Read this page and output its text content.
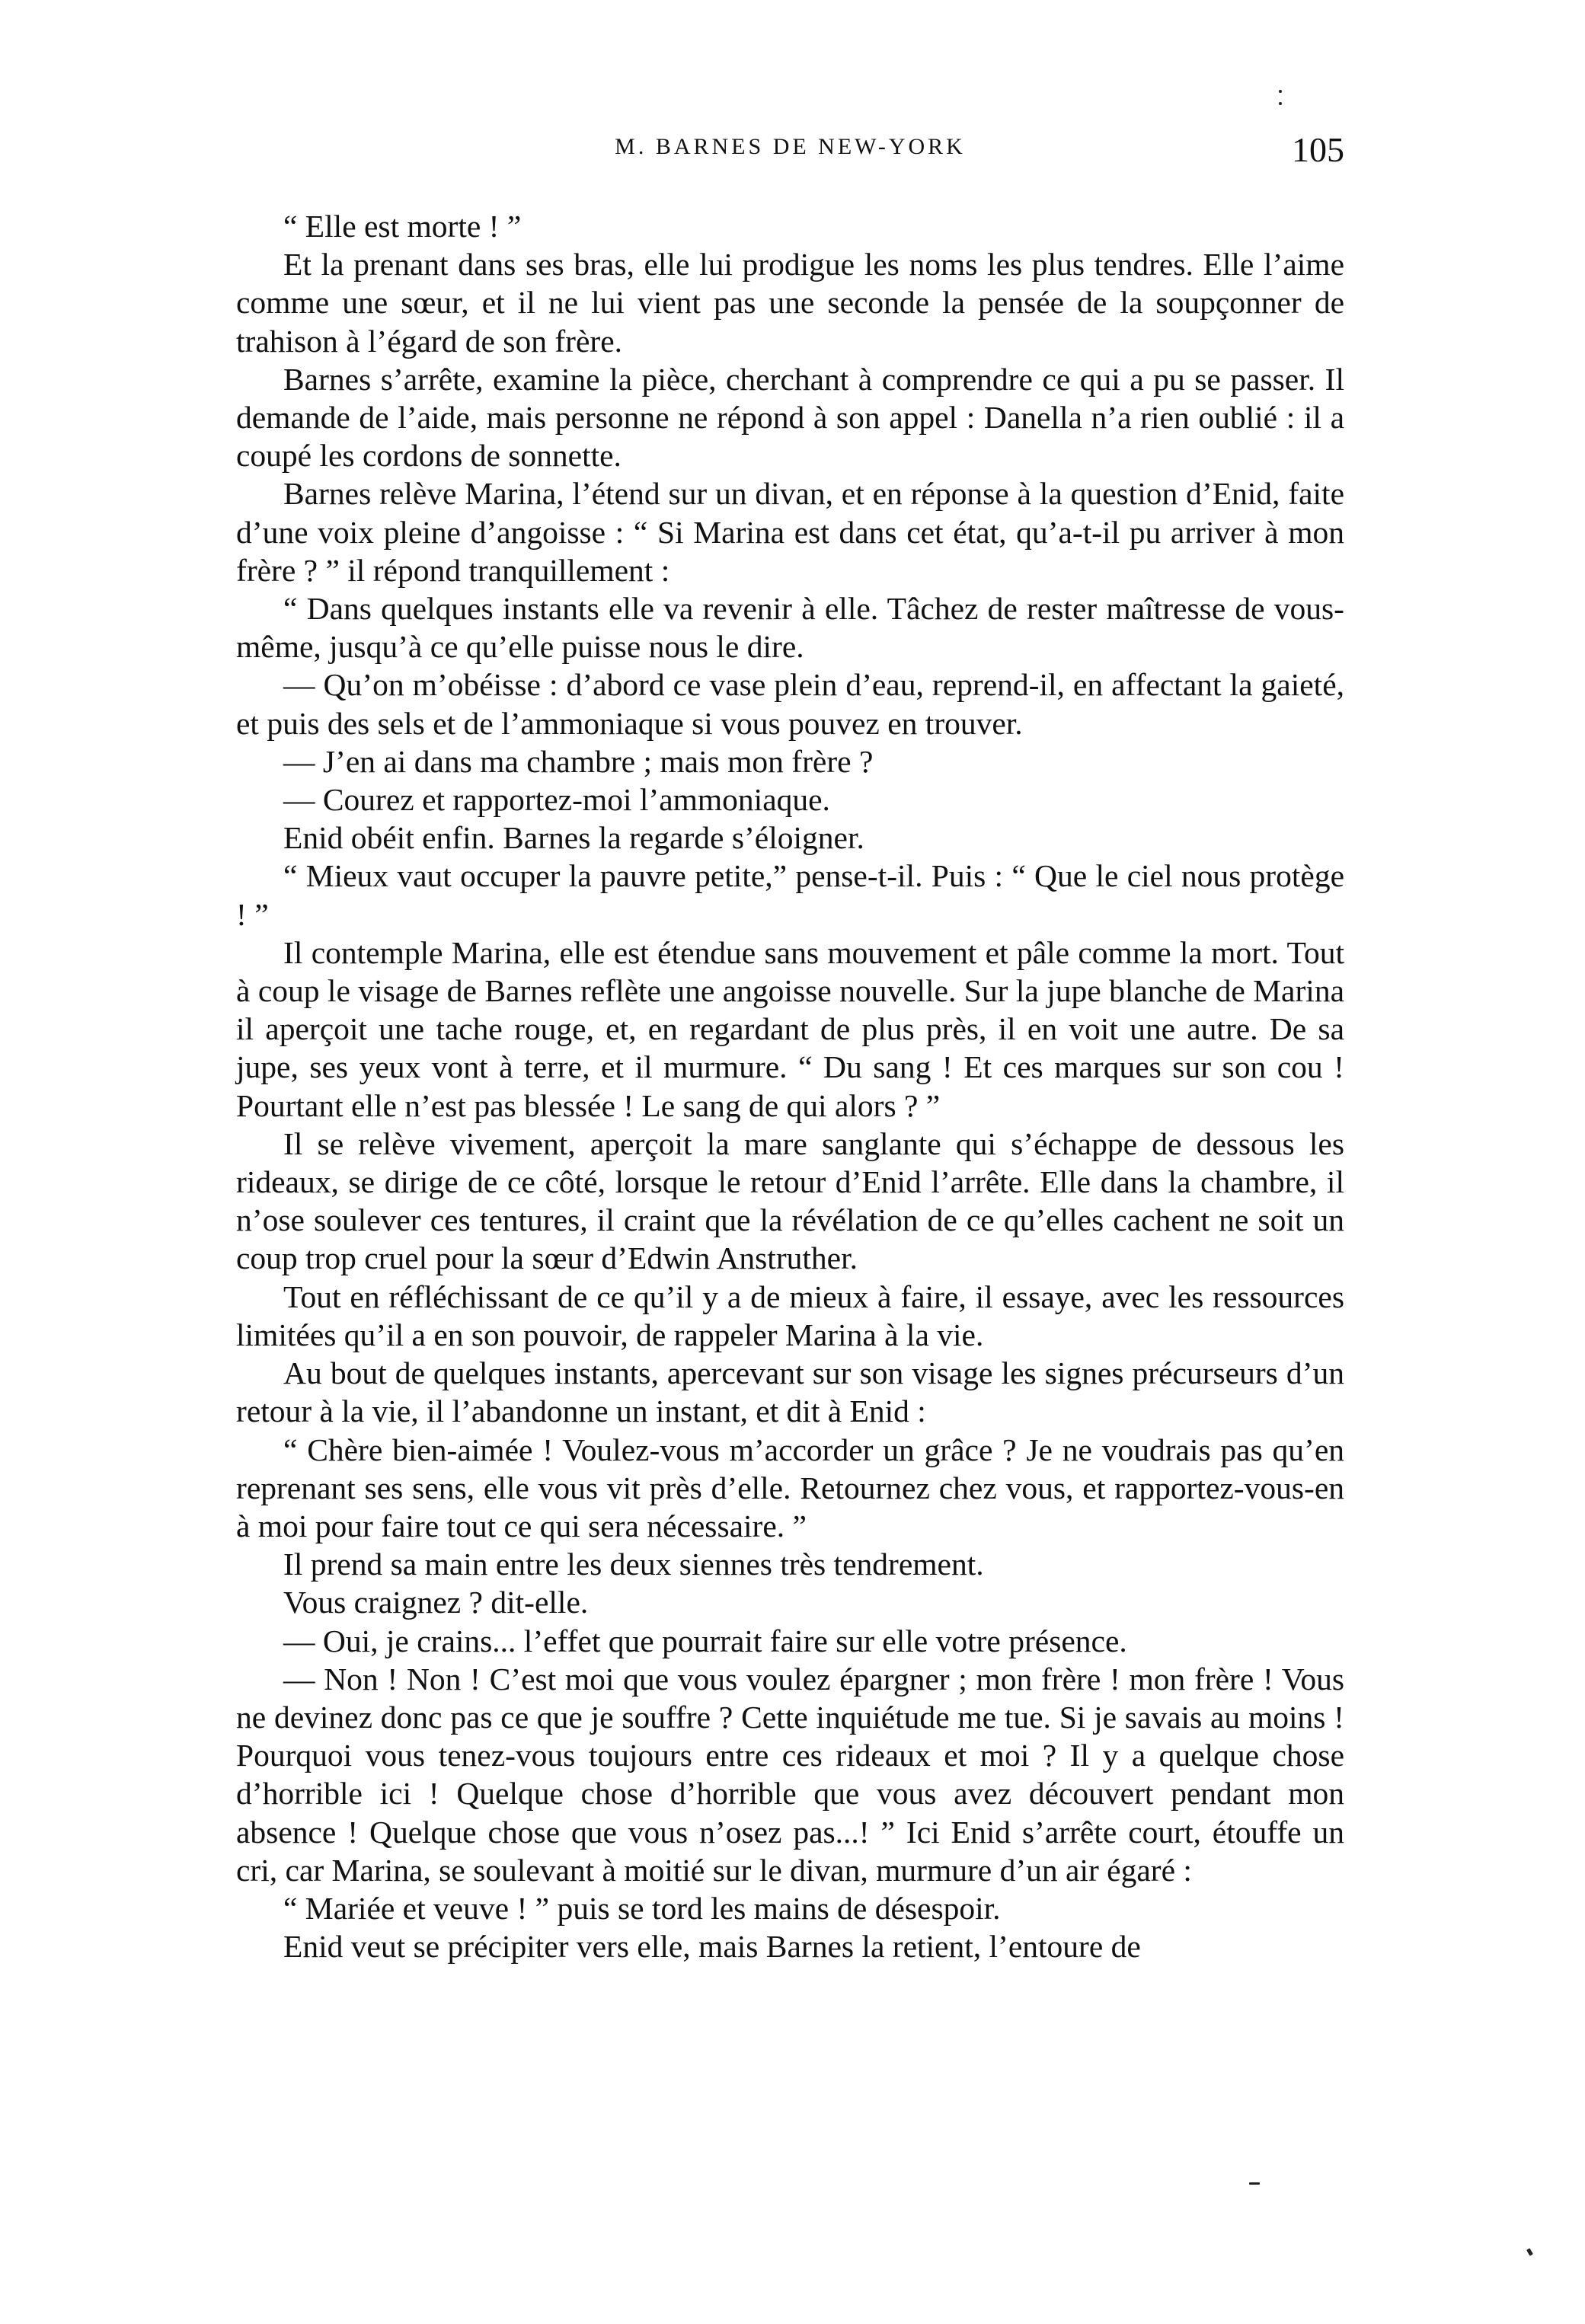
M. BARNES DE NEW-YORK	105

“ Elle est morte ! ”

Et la prenant dans ses bras, elle lui prodigue les noms les plus tendres. Elle l’aime comme une sœur, et il ne lui vient pas une seconde la pensée de la soupçonner de trahison à l’égard de son frère.

Barnes s’arrête, examine la pièce, cherchant à comprendre ce qui a pu se passer. Il demande de l’aide, mais personne ne répond à son appel : Danella n’a rien oublié : il a coupé les cordons de sonnette.

Barnes relève Marina, l’étend sur un divan, et en réponse à la question d’Enid, faite d’une voix pleine d’angoisse : “ Si Marina est dans cet état, qu’a-t-il pu arriver à mon frère ? ” il répond tranquillement :

“ Dans quelques instants elle va revenir à elle. Tâchez de rester maîtresse de vous-même, jusqu’à ce qu’elle puisse nous le dire.

— Qu’on m’obéisse : d’abord ce vase plein d’eau, reprend-il, en affectant la gaieté, et puis des sels et de l’ammoniaque si vous pouvez en trouver.

— J’en ai dans ma chambre ; mais mon frère ?

— Courez et rapportez-moi l’ammoniaque.

Enid obéit enfin. Barnes la regarde s’éloigner.

“ Mieux vaut occuper la pauvre petite,” pense-t-il. Puis : “ Que le ciel nous protège ! ”

Il contemple Marina, elle est étendue sans mouvement et pâle comme la mort. Tout à coup le visage de Barnes reflète une angoisse nouvelle. Sur la jupe blanche de Marina il aperçoit une tache rouge, et, en regardant de plus près, il en voit une autre. De sa jupe, ses yeux vont à terre, et il murmure. “ Du sang ! Et ces marques sur son cou ! Pourtant elle n’est pas blessée ! Le sang de qui alors ? ”

Il se relève vivement, aperçoit la mare sanglante qui s’échappe de dessous les rideaux, se dirige de ce côté, lorsque le retour d’Enid l’arrête. Elle dans la chambre, il n’ose soulever ces tentures, il craint que la révélation de ce qu’elles cachent ne soit un coup trop cruel pour la sœur d’Edwin Anstruther.

Tout en réfléchissant de ce qu’il y a de mieux à faire, il essaye, avec les ressources limitées qu’il a en son pouvoir, de rappeler Marina à la vie.

Au bout de quelques instants, apercevant sur son visage les signes précurseurs d’un retour à la vie, il l’abandonne un instant, et dit à Enid :

“ Chère bien-aimée ! Voulez-vous m’accorder un grâce ? Je ne voudrais pas qu’en reprenant ses sens, elle vous vit près d’elle. Retournez chez vous, et rapportez-vous-en à moi pour faire tout ce qui sera nécessaire. ”

Il prend sa main entre les deux siennes très tendrement.

Vous craignez ? dit-elle.

— Oui, je crains... l’effet que pourrait faire sur elle votre présence.

— Non ! Non ! C’est moi que vous voulez épargner ; mon frère ! mon frère ! Vous ne devinez donc pas ce que je souffre ? Cette inquiétude me tue. Si je savais au moins ! Pourquoi vous tenez-vous toujours entre ces rideaux et moi ? Il y a quelque chose d’horrible ici ! Quelque chose d’horrible que vous avez découvert pendant mon absence ! Quelque chose que vous n’osez pas...! ” Ici Enid s’arrête court, étouffe un cri, car Marina, se soulevant à moitié sur le divan, murmure d’un air égaré :

“ Mariée et veuve ! ” puis se tord les mains de désespoir.

Enid veut se précipiter vers elle, mais Barnes la retient, l’entoure de
